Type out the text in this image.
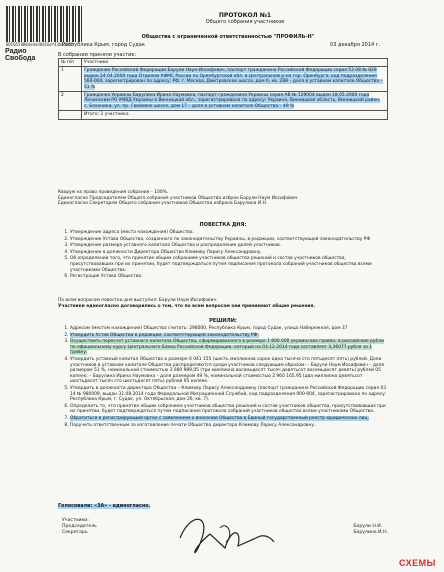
8DF0558B84e4ed8d16ef43b65805
Радио
Свобода
ПРОТОКОЛ №1
Общего собрания участников
Общества с ограниченной ответственностью "ПРОФИЛЬ-Н"
Республика Крым, город Судак	03 декабря 2014 г.
В собрании приняли участие:
№ п/п	Участники
1	Гражданин Российской Федерации Барули Наум Иосифович, паспорт гражданина Российской Федерации серия 53 08 № 828 выдан 24.04.2009 года Отделом УФМС России по Оренбургской обл. в Центральном р-не гор. Оренбурга, код подразделения 560-004, зарегистрирован по адресу: РФ, г. Москва, Дмитровское шоссе, дом 6, кв. 288 – доля в уставном капитале Общества – 51 %
2	Гражданка Украины Барулина Ирина Наумовна, паспорт гражданина Украины серия АВ № 129004 выдан 18.05.2000 года Ленинским РО УМВД Украины в Винницкой обл., зарегистрирована по адресу: Украина, Винницкая область, Винницкий район, с. Бохоники, ул. пр. Гвийовое шоссе, дом 17 – доля в уставном капитале Общества – 49 %
	Итого: 2 участника
Кворум на право проведения собрания – 100%.
Единогласно Председателем Общего собрания участников Общества избран Барули Наум Иосифович.
Единогласно Секретарем Общего собрания участников Общества избрана Барулина И.Н.
ПОВЕСТКА ДНЯ:
1. Утверждение адреса (места нахождения) Общества.
2. Утверждение Устава Общества, созданного по законодательству Украины, в редакции, соответствующей законодательству РФ
3. Утверждение размера уставного капитала Общества и распределение долей участников.
4. Утверждение в должности Директора Общества Климову Ларису Александровну.
5. Об определении того, что принятие общим собранием участников общества решений и состав участников общества, присутствовавших при их принятии, будет подтверждаться путем подписания протокола собраний участников общества всеми участниками Общества.
6. Регистрация Устава Общества.
По всем вопросам повестки дня выступил: Барули Наум Иосифович.
Участники единогласно договорились о том, что по всем вопросам они принимают общие решения.
РЕШИЛИ:
1. Адресом (местом нахождения) Общества считать: 298000, Республика Крым, город Судак, улица Набережная, дом 37
2. Утвердить Устав Общества в редакции, соответствующей законодательству РФ.
3. Осуществить пересчет уставного капитала Общества, сформированного в размере 1 800 000 украинских гривен, в российские рубли по официальному курсу Центрального Банка Российской Федерации, который на 03.12.2014 года составляет 3,36077 рубля за 1 гривну.
4. Утвердить уставный капитал Общества в размере 6 041 155 (шесть миллионов сорок одна тысяча сто пятьдесят пять) рублей. Доли участников в уставном капитале Общества распределяются среди участников следующим образом: – Барули Наум Иосифович – доля размером 51 %, номинальной стоимостью 3 080 989,05 (три миллиона восемьдесят тысяч девятьсот восемьдесят девять) рублей 05 копеек; – Барулина Ирина Наумовна – доля размером 49 %, номинальной стоимостью 2 960 165,95 (два миллиона девятьсот шестьдесят тысяч сто шестьдесят пять) рублей 95 копеек.
5. Утвердить в должности директора Общества – Климову Ларису Александровну (паспорт гражданина Российской Федерации серия 03 14 № 980009, выдан 31.08.2014 года Федеральной Миграционной Службой, код подразделения 900-004, зарегистрирована по адресу: Республика Крым, г. Судак, ул. Октябрьская, дом 26, кв. 7).
6. Определить то, что принятие общим собранием участников общества решений и состав участников общества, присутствовавших при их принятии, будет подтверждаться путем подписания протокола собраний участников общества всеми участниками Общества.
7. Обратиться в регистрирующий орган с заявлением о внесении Общества в Единый государственный реестр юридических лиц.
8. Поручить ответственным за изготовление печати Общества директора Климову Ларису Александровну.
Голосовали: «ЗА» - единогласно.
Участники:
Председатель
Секретарь
Барули Н.И.
Барулина И.Н.
СХЕМЫ
